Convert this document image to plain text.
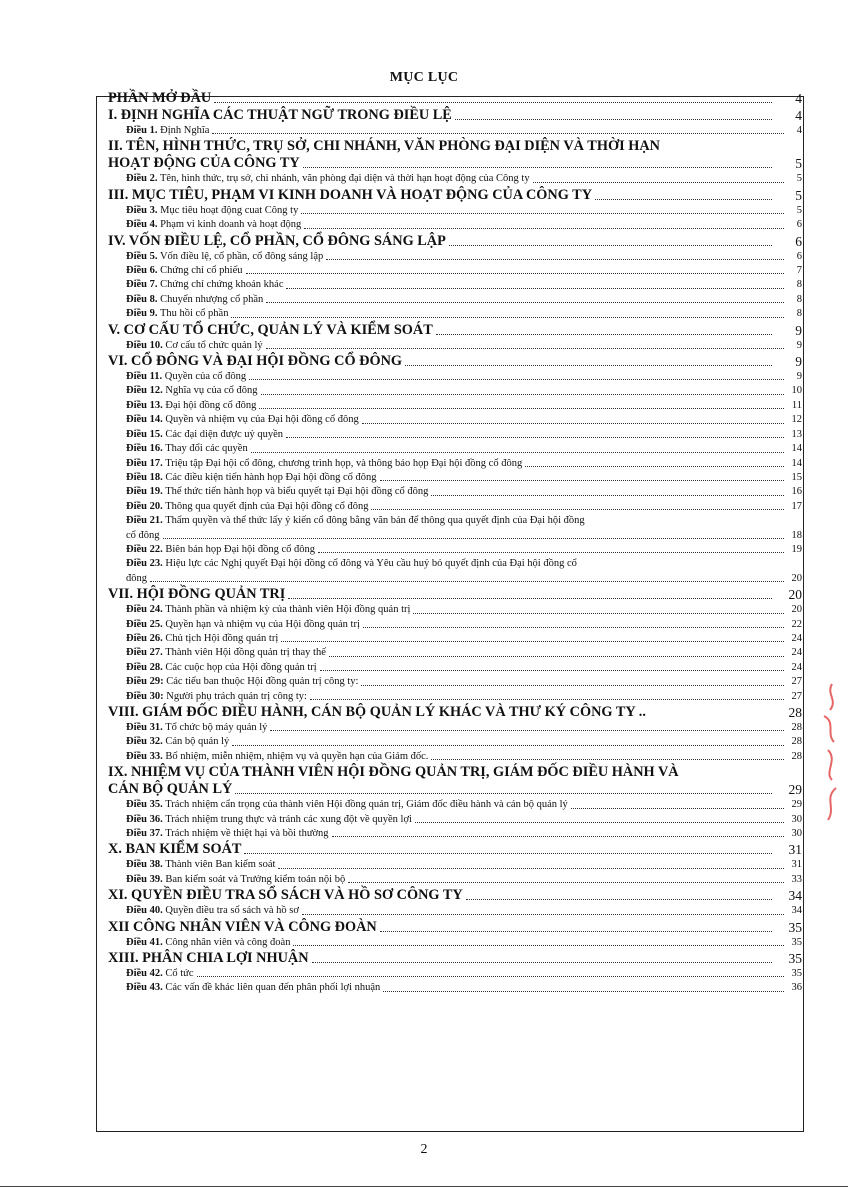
MỤC LỤC
PHẦN MỞ ĐẦU	4
I. ĐỊNH NGHĨA CÁC THUẬT NGỮ TRONG ĐIỀU LỆ	4
Điều 1. Định Nghĩa	4
II. TÊN, HÌNH THỨC, TRỤ SỞ, CHI NHÁNH, VĂN PHÒNG ĐẠI DIỆN VÀ THỜI HẠN
HOẠT ĐỘNG CỦA CÔNG TY	5
Điều 2. Tên, hình thức, trụ sở, chi nhánh, văn phòng đại diện và thời hạn hoạt động của Công ty	5
III. MỤC TIÊU, PHẠM VI KINH DOANH VÀ HOẠT ĐỘNG CỦA CÔNG TY	5
Điều 3. Mục tiêu hoạt động cuat Công ty	5
Điều 4. Phạm vi kinh doanh và hoạt động	6
IV. VỐN ĐIỀU LỆ, CỔ PHẦN, CỔ ĐÔNG SÁNG LẬP	6
Điều 5. Vốn điều lệ, cổ phần, cổ đông sáng lập	6
Điều 6. Chứng chỉ cổ phiếu	7
Điều 7. Chứng chỉ chứng khoán khác	8
Điều 8. Chuyển nhượng cổ phần	8
Điều 9. Thu hồi cổ phần	8
V. CƠ CẤU TỔ CHỨC, QUẢN LÝ VÀ KIỂM SOÁT	9
Điều 10. Cơ cấu tổ chức quản lý	9
VI. CỔ ĐÔNG VÀ ĐẠI HỘI ĐỒNG CỔ ĐÔNG	9
Điều 11. Quyền của cổ đông	9
Điều 12. Nghĩa vụ của cổ đông	10
Điều 13. Đại hội đồng cổ đông	11
Điều 14. Quyền và nhiệm vụ của Đại hội đồng cổ đông	12
Điều 15. Các đại diện được uỷ quyền	13
Điều 16. Thay đổi các quyền	14
Điều 17. Triệu tập Đại hội cổ đông, chương trình họp, và thông báo họp Đại hội đồng cổ đông	14
Điều 18. Các điều kiện tiến hành họp Đại hội đồng cổ đông	15
Điều 19. Thể thức tiến hành họp và biểu quyết tại Đại hội đồng cổ đông	16
Điều 20. Thông qua quyết định của Đại hội đồng cổ đông	17
Điều 21. Thẩm quyền và thể thức lấy ý kiến cổ đông bằng văn bản để thông qua quyết định của Đại hội đồng
cổ đông	18
Điều 22. Biên bản họp Đại hội đồng cổ đông	19
Điều 23. Hiệu lực các Nghị quyết Đại hội đồng cổ đông và Yêu cầu huỷ bỏ quyết định của Đại hội đồng cổ
đông	20
VII. HỘI ĐỒNG QUẢN TRỊ	20
Điều 24. Thành phần và nhiệm kỳ của thành viên Hội đồng quản trị	20
Điều 25. Quyền hạn và nhiệm vụ của Hội đồng quản trị	22
Điều 26. Chủ tịch Hội đồng quản trị	24
Điều 27. Thành viên Hội đồng quản trị thay thế	24
Điều 28. Các cuộc họp của Hội đồng quản trị	24
Điều 29: Các tiểu ban thuộc Hội đồng quản trị công ty:	27
Điều 30: Người phụ trách quản trị công ty:	27
VIII. GIÁM ĐỐC ĐIỀU HÀNH, CÁN BỘ QUẢN LÝ KHÁC VÀ THƯ KÝ CÔNG TY ..	28
Điều 31. Tổ chức bộ máy quản lý	28
Điều 32. Cán bộ quản lý	28
Điều 33. Bổ nhiệm, miễn nhiệm, nhiệm vụ và quyền hạn của Giám đốc.	28
IX. NHIỆM VỤ CỦA THÀNH VIÊN HỘI ĐỒNG QUẢN TRỊ, GIÁM ĐỐC ĐIỀU HÀNH VÀ
CÁN BỘ QUẢN LÝ	29
Điều 35. Trách nhiệm cẩn trọng của thành viên Hội đồng quản trị, Giám đốc điều hành và cán bộ quản lý	29
Điều 36. Trách nhiệm trung thực và tránh các xung đột về quyền lợi	30
Điều 37. Trách nhiệm về thiệt hại và bồi thường	30
X. BAN KIỂM SOÁT	31
Điều 38. Thành viên Ban kiểm soát	31
Điều 39. Ban kiểm soát và Trưởng kiểm toán nội bộ	33
XI. QUYỀN ĐIỀU TRA SỔ SÁCH VÀ HỒ SƠ CÔNG TY	34
Điều 40. Quyền điều tra sổ sách và hồ sơ	34
XII CÔNG NHÂN VIÊN VÀ CÔNG ĐOÀN	35
Điều 41. Công nhân viên và công đoàn	35
XIII. PHÂN CHIA LỢI NHUẬN	35
Điều 42. Cổ tức	35
Điều 43. Các vấn đề khác liên quan đến phân phối lợi nhuận	36
2
